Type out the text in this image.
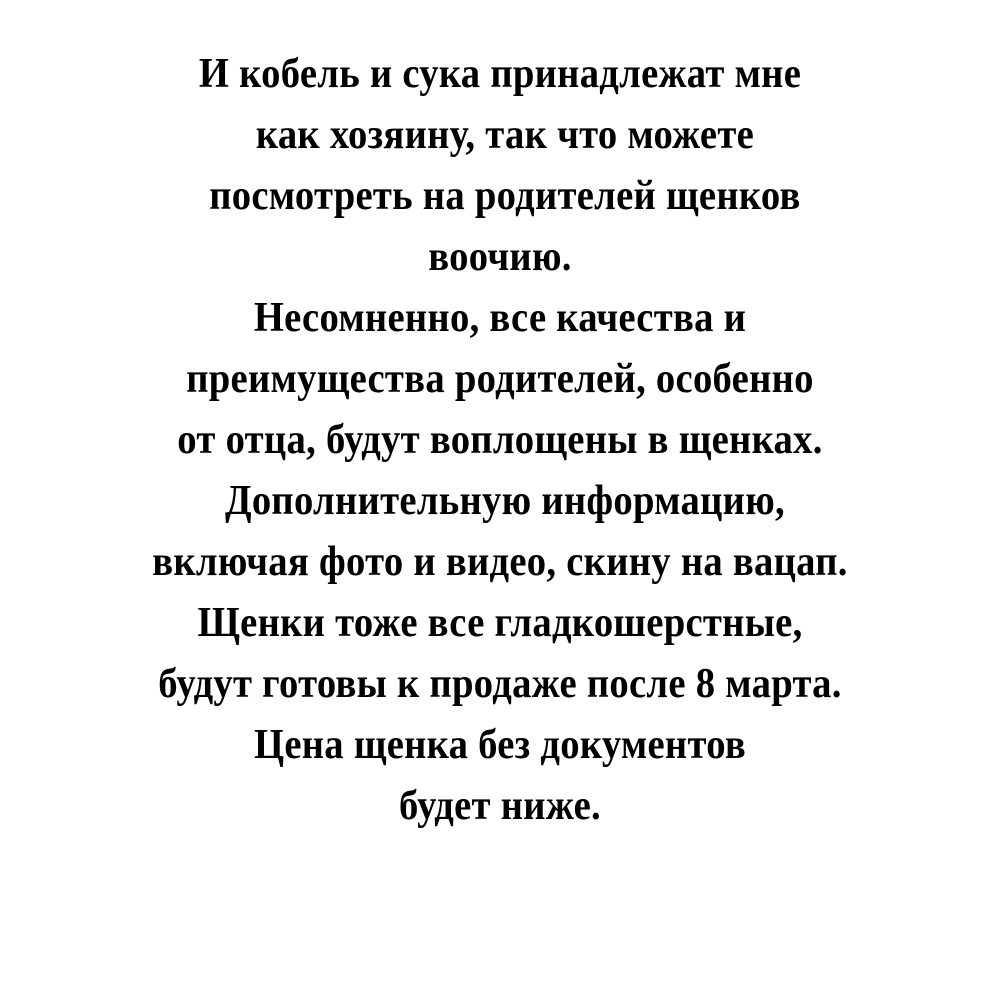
И кобель и сука принадлежат мне
как хозяину, так что можете
посмотреть на родителей щенков
воочию.
Несомненно, все качества и
преимущества родителей, особенно
от отца, будут воплощены в щенках.
Дополнительную информацию,
включая фото и видео, скину на вацап.
Щенки тоже все гладкошерстные,
будут готовы к продаже после 8 марта.
Цена щенка без документов
будет ниже.
